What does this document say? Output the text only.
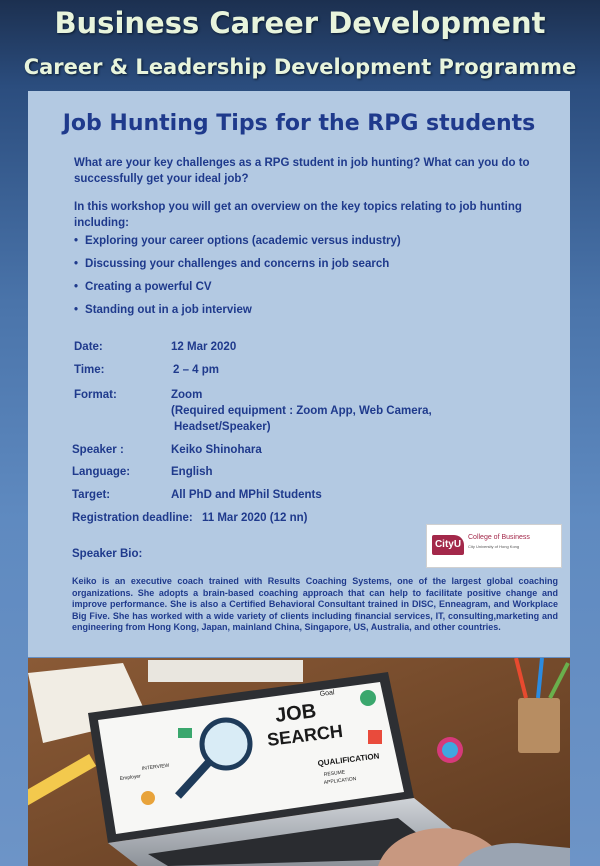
Business Career Development
Career & Leadership Development Programme
Job Hunting Tips for the RPG students
What are your key challenges as a RPG student in job hunting? What can you do to successfully get your ideal job?
In this workshop you will get an overview on the key topics relating to job hunting including:
• Exploring your career options (academic versus industry)
• Discussing your challenges and concerns in job search
• Creating a powerful CV
• Standing out in a job interview
Date:	12 Mar 2020
Time:	2 – 4 pm
Format:	Zoom
(Required equipment : Zoom App, Web Camera,
Headset/Speaker)
Speaker :	Keiko Shinohara
Language:	English
Target:	All PhD and MPhil Students
Registration deadline: 11 Mar 2020 (12 nn)
Speaker Bio:
CityU
College of Business
City University of Hong Kong
Keiko is an executive coach trained with Results Coaching Systems, one of the largest global coaching organizations. She adopts a brain-based coaching approach that can help to facilitate positive change and improve performance. She is also a Certified Behavioral Consultant trained in DISC, Enneagram, and Workplace Big Five. She has worked with a wide variety of clients including financial services, IT, consulting,marketing and engineering from Hong Kong, Japan, mainland China, Singapore, US, Australia, and other countries.
JOB
SEARCH
Goal
QUALIFICATION
RESUME
APPLICATION
Employer
INTERVIEW
